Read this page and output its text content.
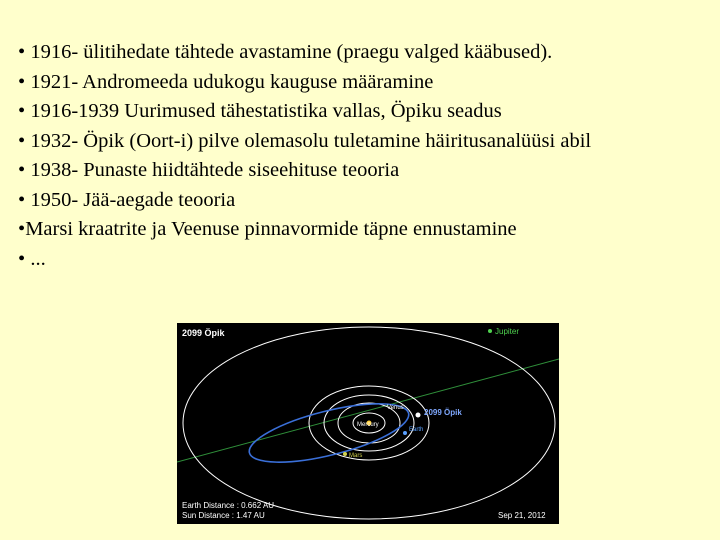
• 1916- ülitihedate tähtede avastamine (praegu valged kääbused).
• 1921- Andromeeda udukogu kauguse määramine
• 1916-1939 Uurimused tähestatistika vallas, Öpiku seadus
• 1932- Öpik (Oort-i) pilve olemasolu tuletamine häiritusanalüüsi abil
• 1938- Punaste hiidtähtede siseehituse teooria
• 1950- Jää-aegade teooria
•Marsi kraatrite ja Veenuse pinnavormide täpne ennustamine
• ...
2099 Öpik	Jupiter
2099 Öpik
Venus
Mercury
Earth
Mars
Earth Distance : 0.662 AU
Sun Distance : 1.47 AU	Sep 21, 2012
